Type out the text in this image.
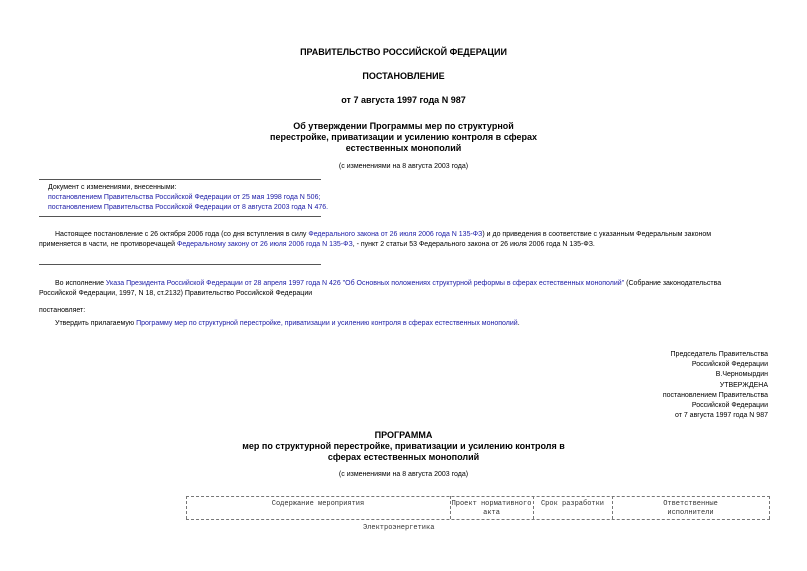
ПРАВИТЕЛЬСТВО РОССИЙСКОЙ ФЕДЕРАЦИИ
ПОСТАНОВЛЕНИЕ
от 7 августа 1997 года N 987
Об утверждении Программы мер по структурной
перестройке, приватизации и усилению контроля в сферах
естественных монополий
(с изменениями на 8 августа 2003 года)
Документ с изменениями, внесенными:
постановлением Правительства Российской Федерации от 25 мая 1998 года N 506;
постановлением Правительства Российской Федерации от 8 августа 2003 года N 476.
Настоящее постановление с 26 октября 2006 года (со дня вступления в силу Федерального закона от 26 июля 2006 года N 135-ФЗ) и до приведения в соответствие с указанным Федеральным законом
применяется в части, не противоречащей Федеральному закону от 26 июля 2006 года N 135-ФЗ, - пункт 2 статьи 53 Федерального закона от 26 июля 2006 года N 135-ФЗ.
Во исполнение Указа Президента Российской Федерации от 28 апреля 1997 года N 426 "Об Основных положениях структурной реформы в сферах естественных монополий" (Собрание законодательства
Российской Федерации, 1997, N 18, ст.2132) Правительство Российской Федерации
постановляет:
Утвердить прилагаемую Программу мер по структурной перестройке, приватизации и усилению контроля в сферах естественных монополий.
Председатель Правительства
Российской Федерации
В.Черномырдин
УТВЕРЖДЕНА
постановлением Правительства
Российской Федерации
от 7 августа 1997 года N 987
ПРОГРАММА
мер по структурной перестройке, приватизации и усилению контроля в
сферах естественных монополий
(с изменениями на 8 августа 2003 года)
Содержание мероприятия	Проект нормативного
акта
Срок разработки	Ответственные
исполнители
Электроэнергетика
